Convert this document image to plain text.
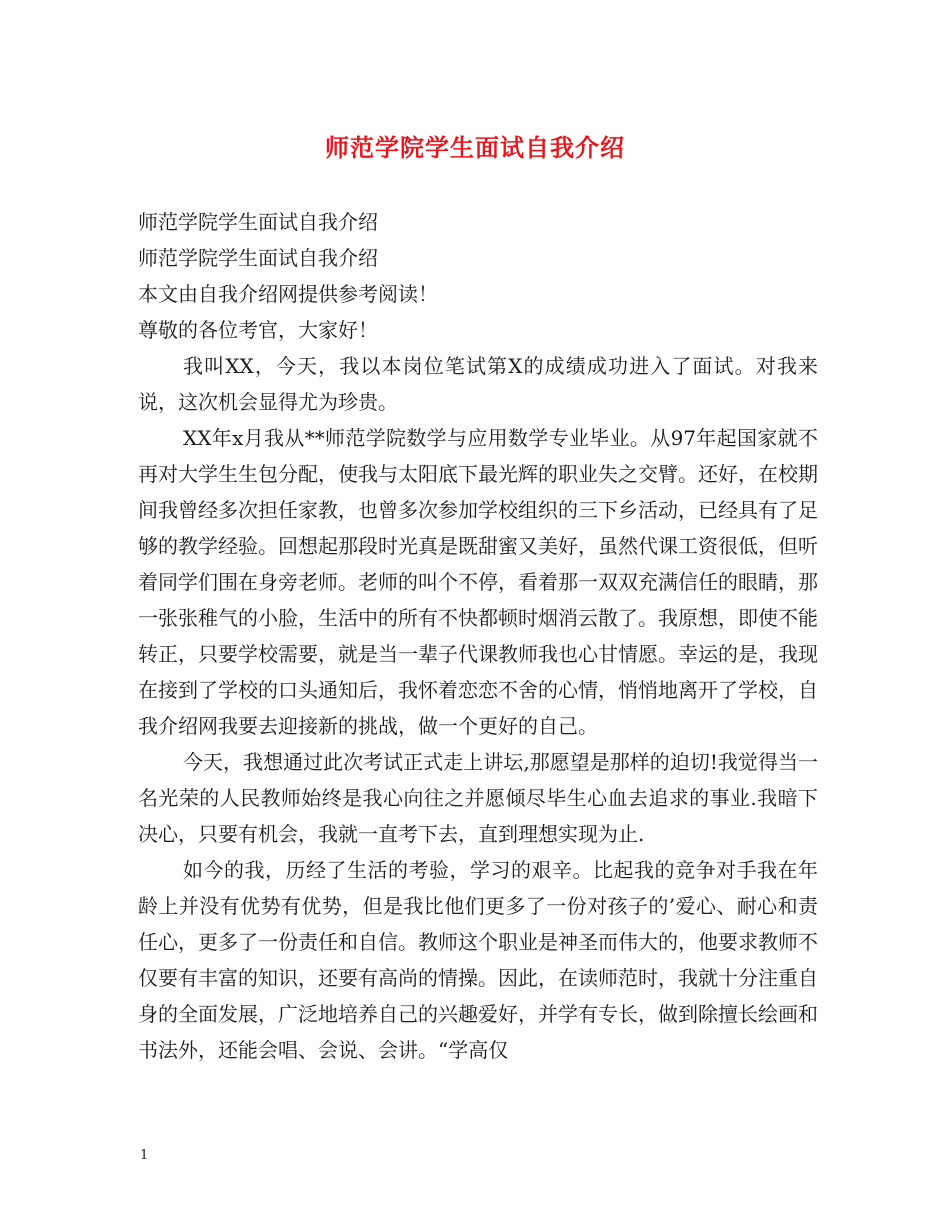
师范学院学生面试自我介绍

师范学院学生面试自我介绍

师范学院学生面试自我介绍

本文由自我介绍网提供参考阅读！

尊敬的各位考官，大家好！

我叫XX，今天，我以本岗位笔试第X的成绩成功进入了面试。对我来说，这次机会显得尤为珍贵。

XX年x月我从**师范学院数学与应用数学专业毕业。从97年起国家就不再对大学生生包分配，使我与太阳底下最光辉的职业失之交臂。还好，在校期间我曾经多次担任家教，也曾多次参加学校组织的三下乡活动，已经具有了足够的教学经验。回想起那段时光真是既甜蜜又美好，虽然代课工资很低，但听着同学们围在身旁老师。老师的叫个不停，看着那一双双充满信任的眼睛，那一张张稚气的小脸，生活中的所有不快都顿时烟消云散了。我原想，即使不能转正，只要学校需要，就是当一辈子代课教师我也心甘情愿。幸运的是，我现在接到了学校的口头通知后，我怀着恋恋不舍的心情，悄悄地离开了学校，自我介绍网我要去迎接新的挑战，做一个更好的自己。

今天，我想通过此次考试正式走上讲坛,那愿望是那样的迫切!我觉得当一名光荣的人民教师始终是我心向往之并愿倾尽毕生心血去追求的事业.我暗下决心，只要有机会，我就一直考下去，直到理想实现为止.

如今的我，历经了生活的考验，学习的艰辛。比起我的竞争对手我在年龄上并没有优势有优势，但是我比他们更多了一份对孩子的’爱心、耐心和责任心，更多了一份责任和自信。教师这个职业是神圣而伟大的，他要求教师不仅要有丰富的知识，还要有高尚的情操。因此，在读师范时，我就十分注重自身的全面发展，广泛地培养自己的兴趣爱好，并学有专长，做到除擅长绘画和书法外，还能会唱、会说、会讲。“学高仅

1
